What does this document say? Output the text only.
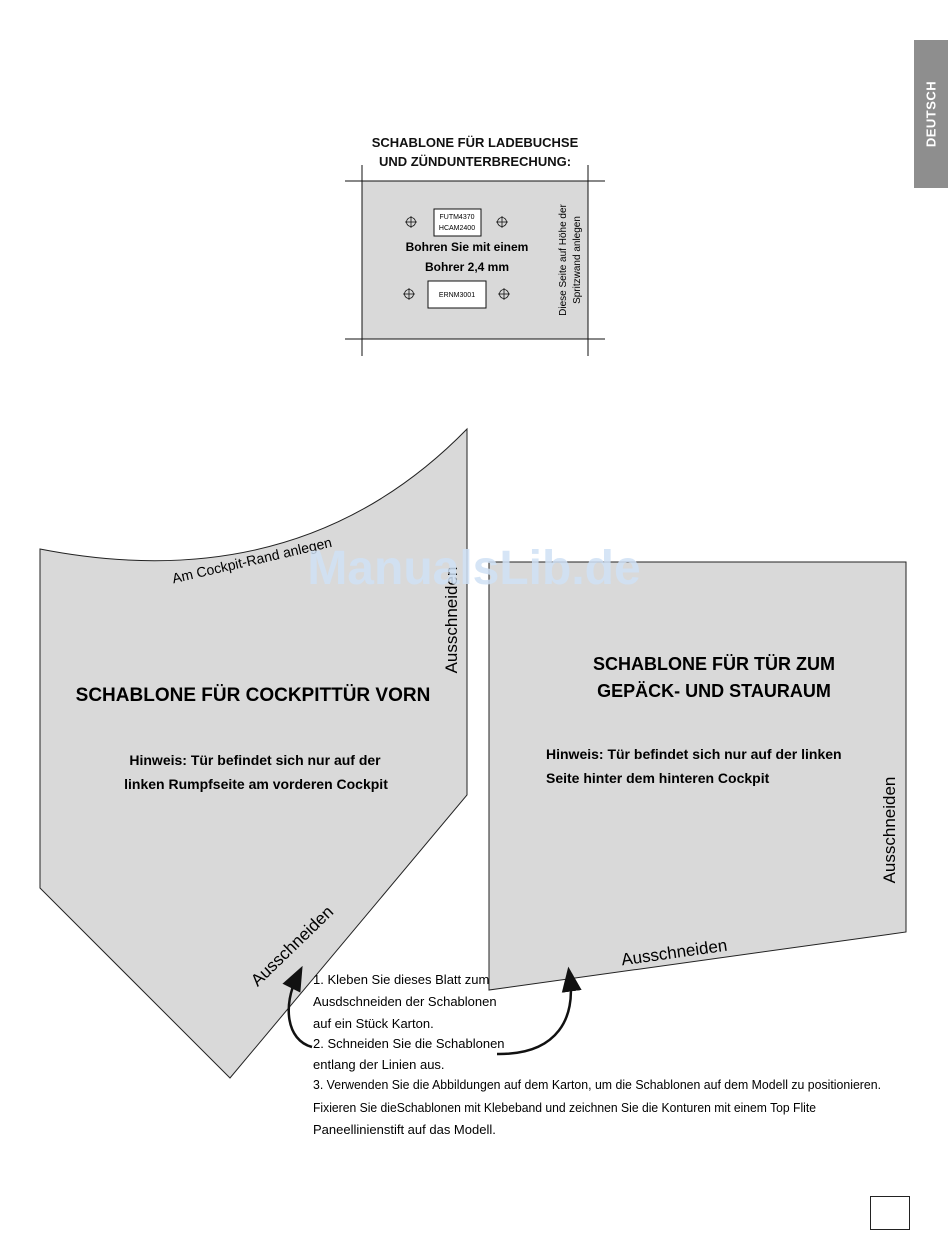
DEUTSCH
SCHABLONE FÜR LADEBUCHSE
UND ZÜNDUNTERBRECHUNG:
FUTM4370
HCAM2400
Bohren Sie mit einem
Bohrer 2,4 mm
ERNM3001	Diese Seite auf Höhe der Spritzwand anlegen
Am Cockpit-Rand anlegen
Ausschneiden
Ausschneiden
SCHABLONE FÜR COCKPITTÜR VORN
Hinweis: Tür befindet sich nur auf der
linken Rumpfseite am vorderen Cockpit
SCHABLONE FÜR TÜR ZUM
GEPÄCK- UND STAURAUM
Hinweis: Tür befindet sich nur auf der linken
Seite hinter dem hinteren Cockpit	Ausschneiden
Ausschneiden
ManualsLib.de
1. Kleben Sie dieses Blatt zum
Ausdschneiden der Schablonen
auf ein Stück Karton.
2. Schneiden Sie die Schablonen
entlang der Linien aus.
3. Verwenden Sie die Abbildungen auf dem Karton, um die Schablonen auf dem Modell zu positionieren.
Fixieren Sie dieSchablonen mit Klebeband und zeichnen Sie die Konturen mit einem Top Flite
Paneellinienstift auf das Modell.
